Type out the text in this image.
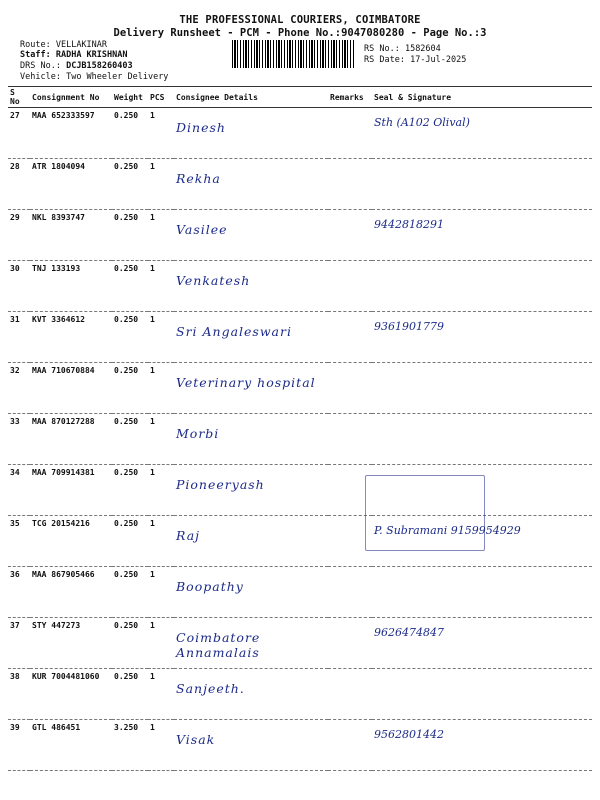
THE PROFESSIONAL COURIERS, COIMBATORE
Delivery Runsheet - PCM - Phone No.:9047080280 - Page No.:3
Route: VELLAKINAR
Staff: RADHA KRISHNAN
DRS No.: DCJB158260403
Vehicle: Two Wheeler Delivery
RS No.: 1582604
RS Date: 17-Jul-2025
S No	Consignment No	Weight	PCS	Consignee Details	Remarks	Seal & Signature
27	MAA 652333597	0.250	1	Dinesh		Sth (A102 Olival)
28	ATR 1804094	0.250	1	Rekha		
29	NKL 8393747	0.250	1	Vasilee		9442818291
30	TNJ 133193	0.250	1	Venkatesh		
31	KVT 3364612	0.250	1	Sri Angaleswari		9361901779
32	MAA 710670884	0.250	1	Veterinary hospital		
33	MAA 870127288	0.250	1	Morbi		
34	MAA 709914381	0.250	1	Pioneeryash		
35	TCG 20154216	0.250	1	Raj		P. Subramani 9159954929
36	MAA 867905466	0.250	1	Boopathy		
37	STY 447273	0.250	1	Coimbatore Annamalais		9626474847
38	KUR 7004481060	0.250	1	Sanjeeth.		
39	GTL 486451	3.250	1	Visak		9562801442
